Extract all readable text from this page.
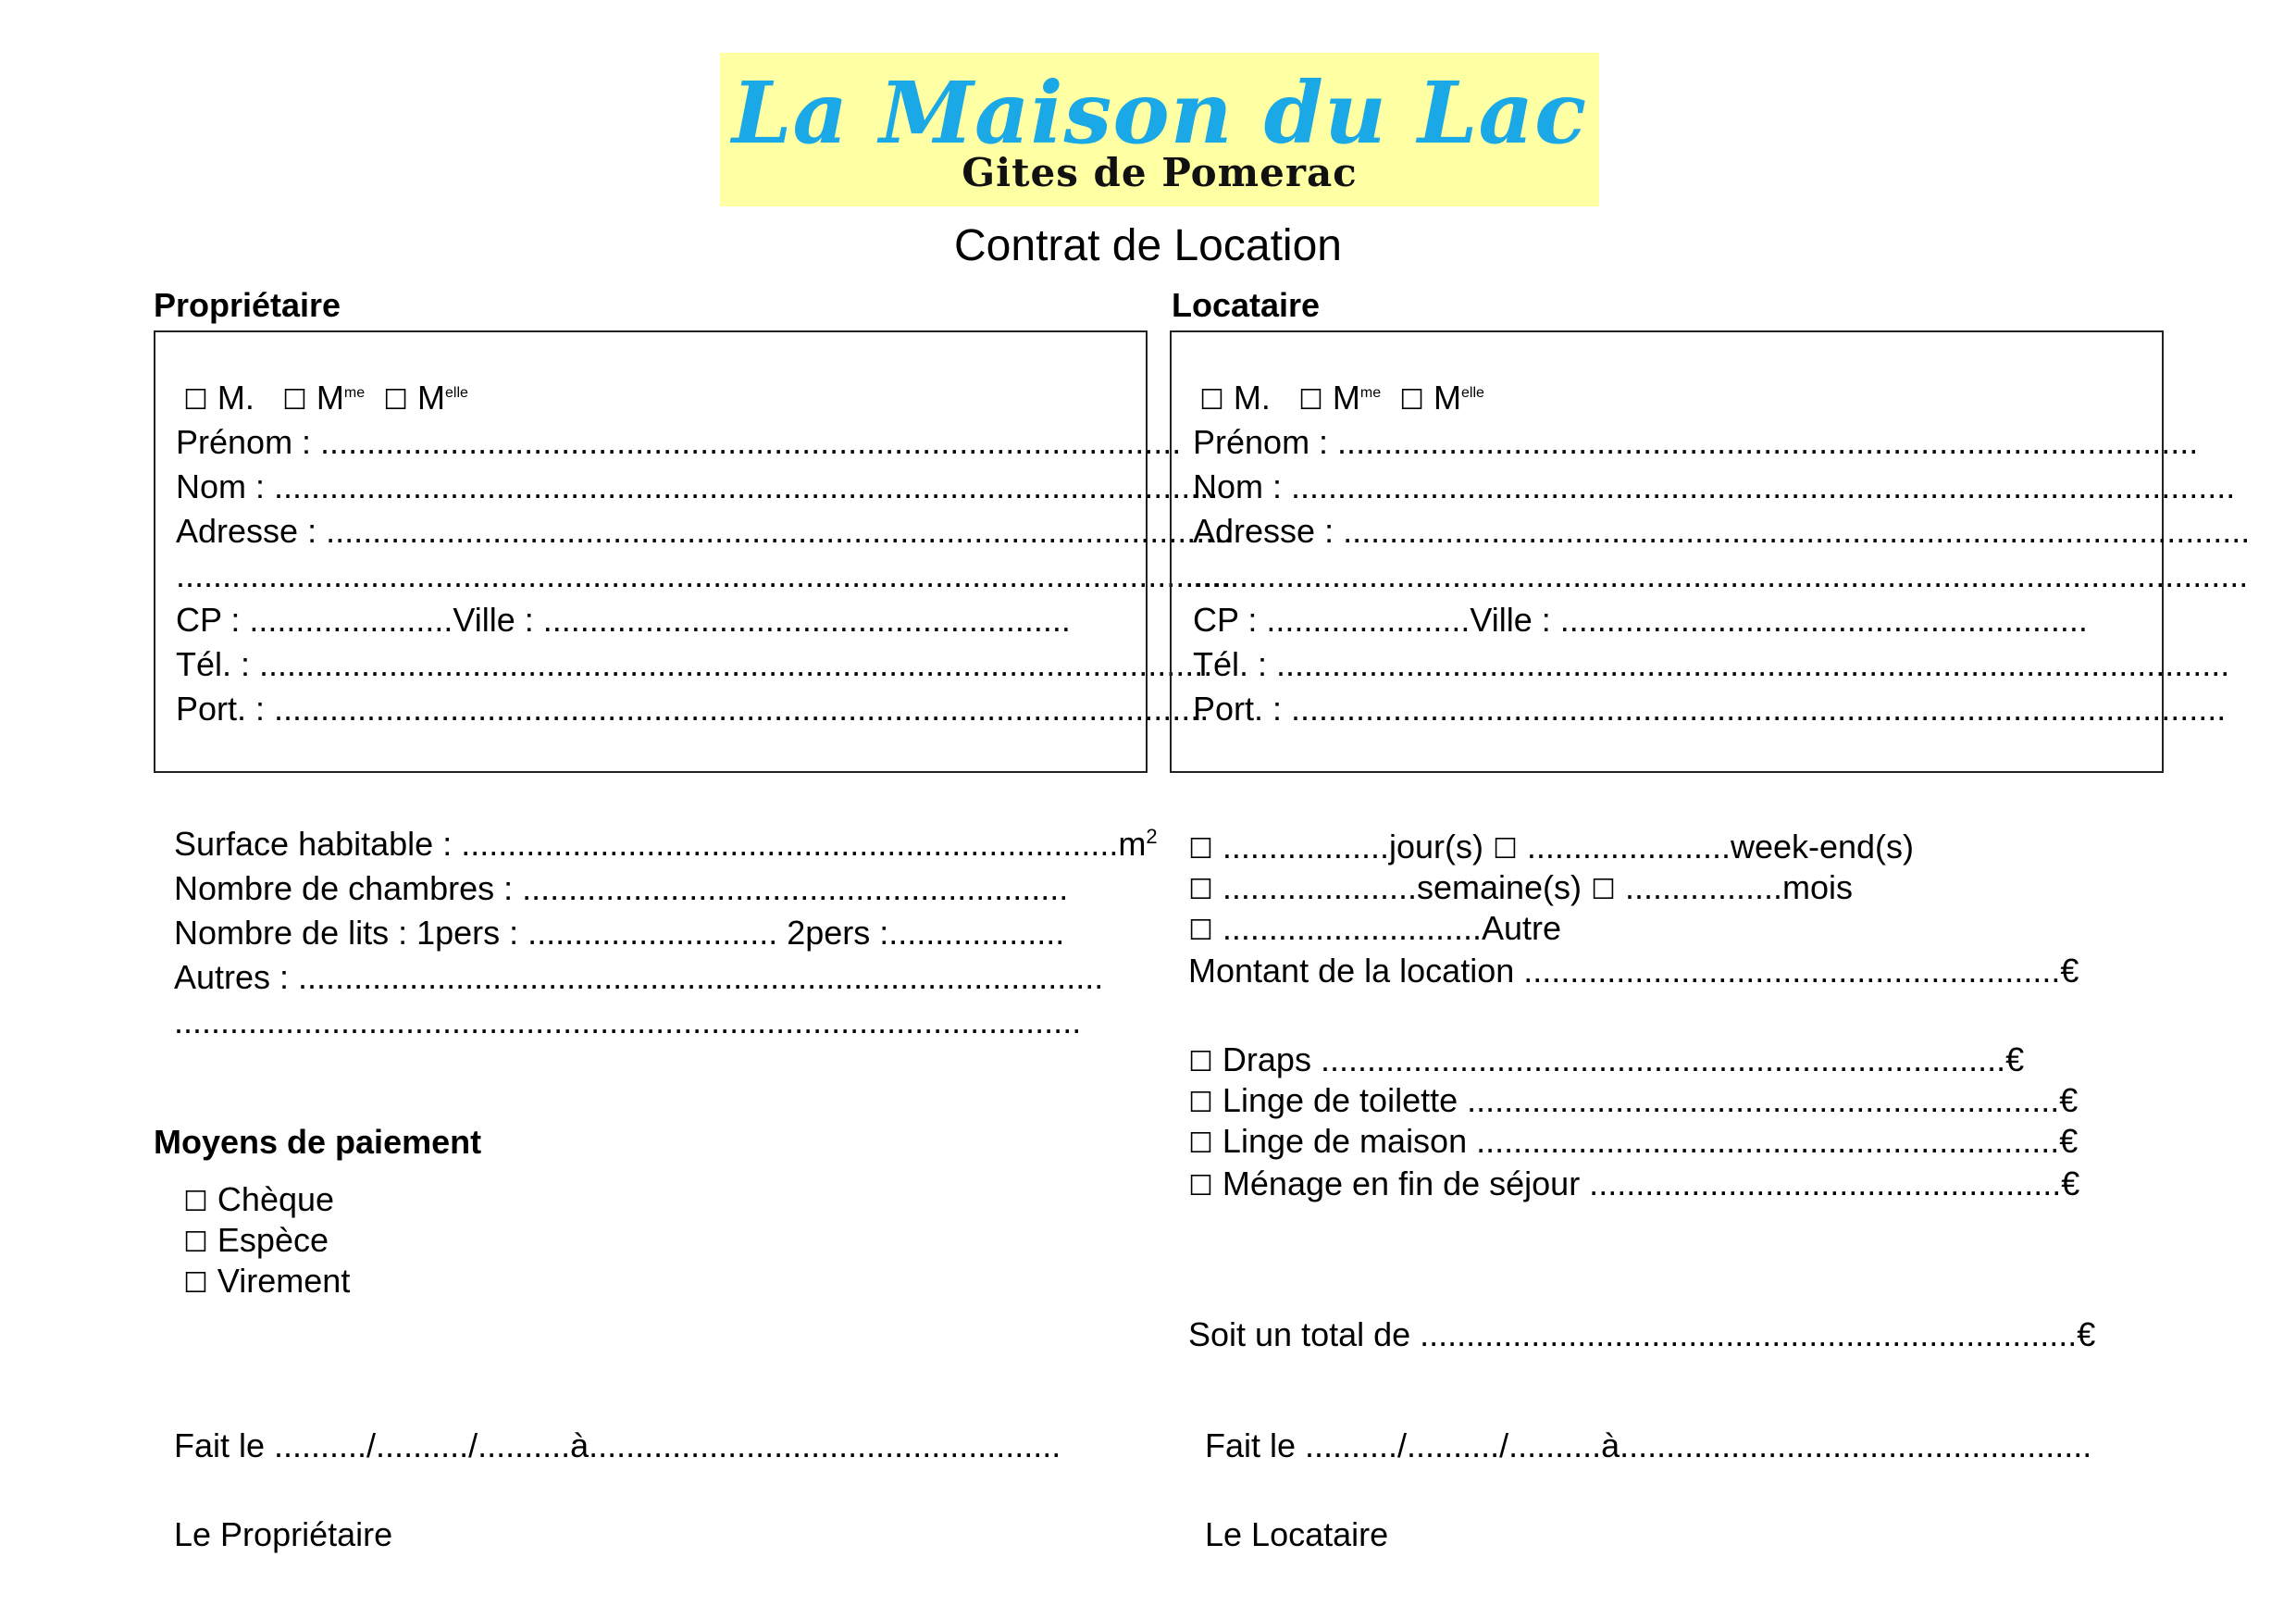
La Maison du Lac
Gites de Pomerac
Contrat de Location
Propriétaire
☐ M. ☐ $M^{me}$ ☐ $M^{elle}$
Prénom : .............................................................................................
Nom : ......................................................................................................
Adresse : ..................................................................................................
..................................................................................................................
CP : ......................Ville : .........................................................
Tél. : .......................................................................................................
Port. : .....................................................................................................
Locataire
☐ M. ☐ $M^{me}$ ☐ $M^{elle}$
Prénom : .............................................................................................
Nom : ......................................................................................................
Adresse : ..................................................................................................
..................................................................................................................
CP : ......................Ville : .........................................................
Tél. : .......................................................................................................
Port. : .....................................................................................................
Surface habitable : $.......................................................................m^2$
Nombre de chambres : ...........................................................
Nombre de lits : 1pers : ........................... 2pers :...................
Autres : .......................................................................................
..................................................................................................
Moyens de paiement
☐ Chèque
☐ Espèce
☐ Virement
☐ ..................jour(s) ☐ ......................week-end(s)
☐ .....................semaine(s) ☐ .................mois
☐ ............................Autre
Montant de la location ..........................................................€
☐ Draps ..........................................................................€
☐ Linge de toilette ................................................................€
☐ Linge de maison ...............................................................€
☐ Ménage en fin de séjour ...................................................€
Soit un total de .......................................................................€
Fait le ........../........../..........à...................................................	Fait le ........../........../..........à...................................................
Le Propriétaire	Le Locataire
